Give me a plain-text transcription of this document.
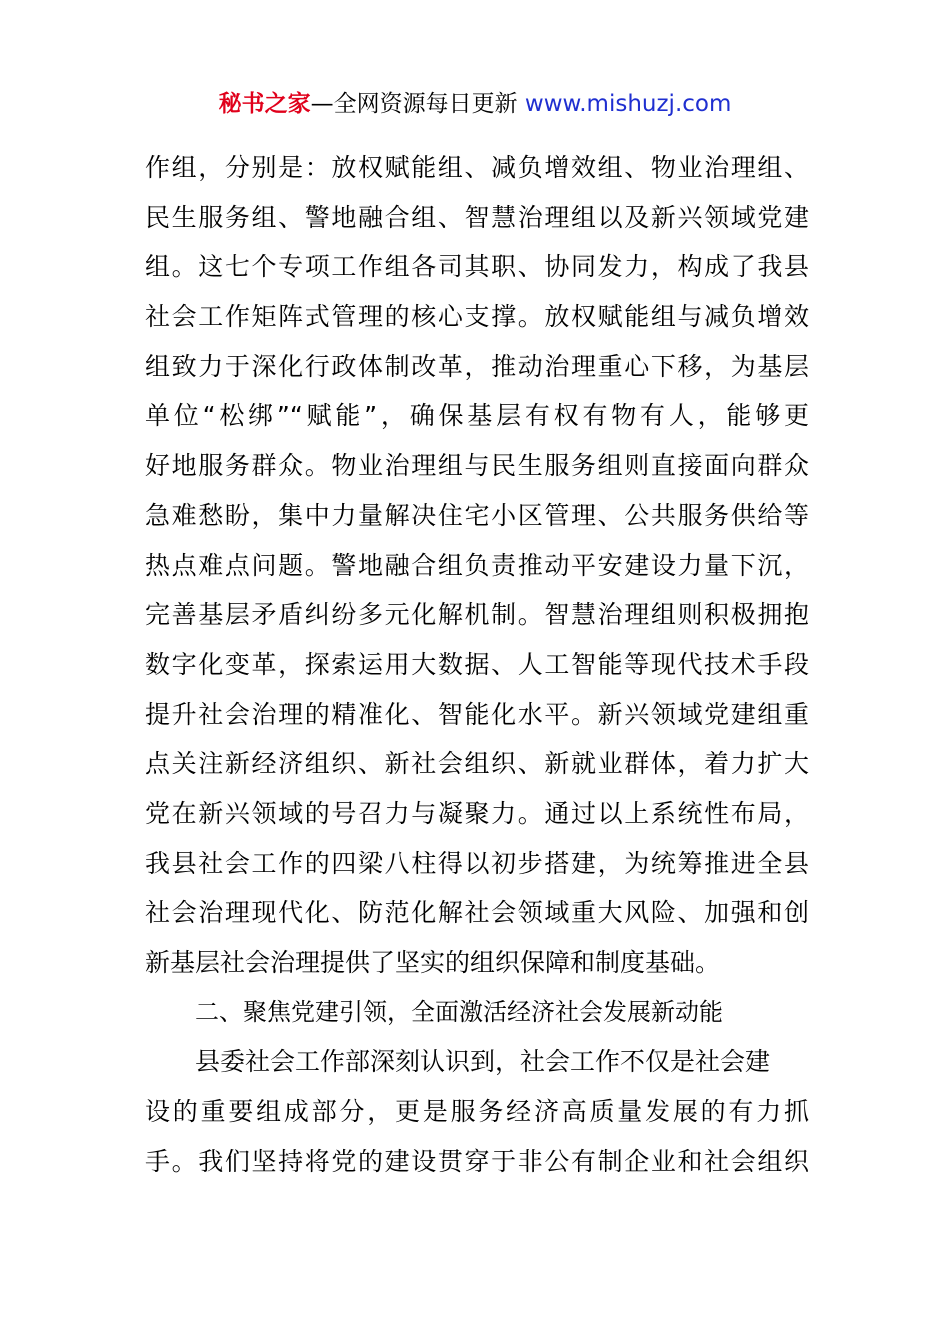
秘书之家—全网资源每日更新 www.mishuzj.com
作组，分别是：放权赋能组、减负增效组、物业治理组、
民生服务组、警地融合组、智慧治理组以及新兴领域党建
组。这七个专项工作组各司其职、协同发力，构成了我县
社会工作矩阵式管理的核心支撑。放权赋能组与减负增效
组致力于深化行政体制改革，推动治理重心下移，为基层
单位“松绑”“赋能”，确保基层有权有物有人，能够更
好地服务群众。物业治理组与民生服务组则直接面向群众
急难愁盼，集中力量解决住宅小区管理、公共服务供给等
热点难点问题。警地融合组负责推动平安建设力量下沉，
完善基层矛盾纠纷多元化解机制。智慧治理组则积极拥抱
数字化变革，探索运用大数据、人工智能等现代技术手段
提升社会治理的精准化、智能化水平。新兴领域党建组重
点关注新经济组织、新社会组织、新就业群体，着力扩大
党在新兴领域的号召力与凝聚力。通过以上系统性布局，
我县社会工作的四梁八柱得以初步搭建，为统筹推进全县
社会治理现代化、防范化解社会领域重大风险、加强和创
新基层社会治理提供了坚实的组织保障和制度基础。
二、聚焦党建引领，全面激活经济社会发展新动能
县委社会工作部深刻认识到，社会工作不仅是社会建
设的重要组成部分，更是服务经济高质量发展的有力抓
手。我们坚持将党的建设贯穿于非公有制企业和社会组织
